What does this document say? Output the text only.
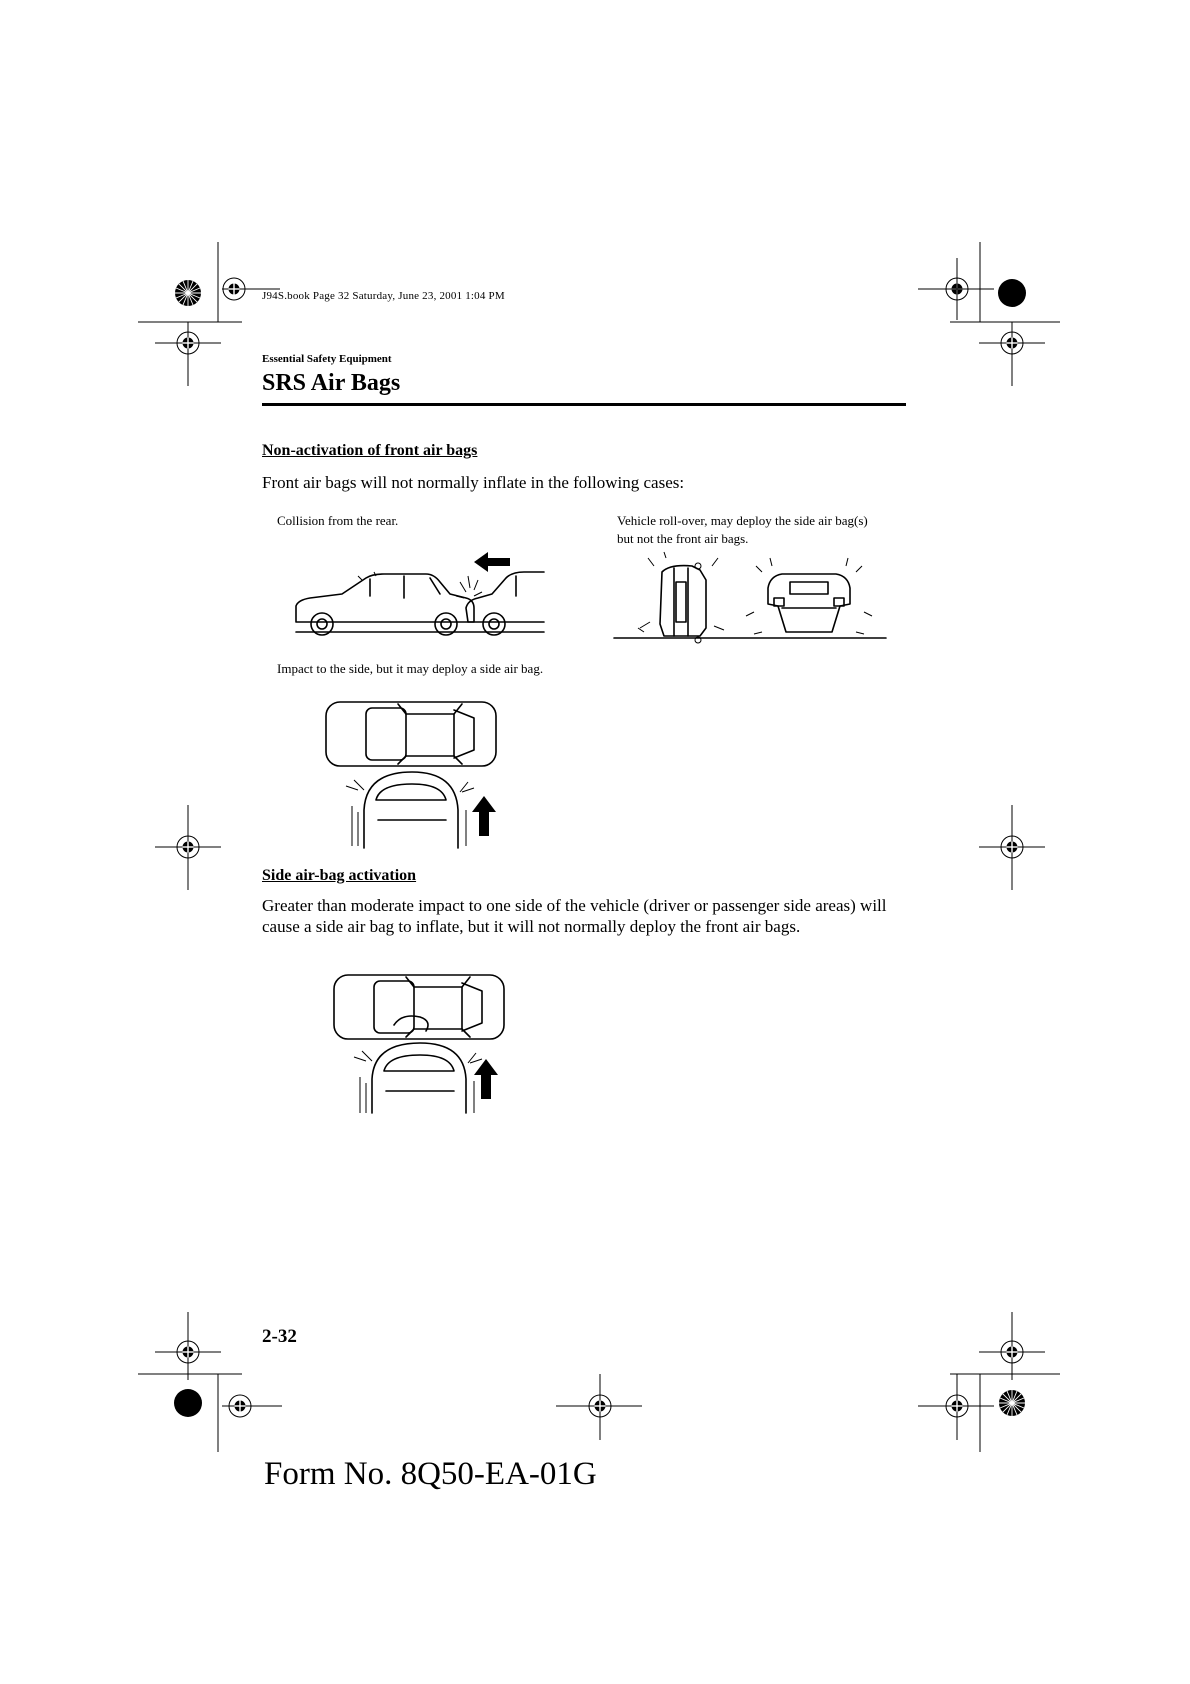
J94S.book Page 32 Saturday, June 23, 2001 1:04 PM
Essential Safety Equipment
SRS Air Bags
Non-activation of front air bags

Front air bags will not normally inflate in the following cases:

Collision from the rear.	Vehicle roll-over, may deploy the side air bag(s) but not the front air bags.

Impact to the side, but it may deploy a side air bag.

Side air-bag activation

Greater than moderate impact to one side of the vehicle (driver or passenger side areas) will cause a side air bag to inflate, but it will not normally deploy the front air bags.

2-32

Form No. 8Q50-EA-01G
